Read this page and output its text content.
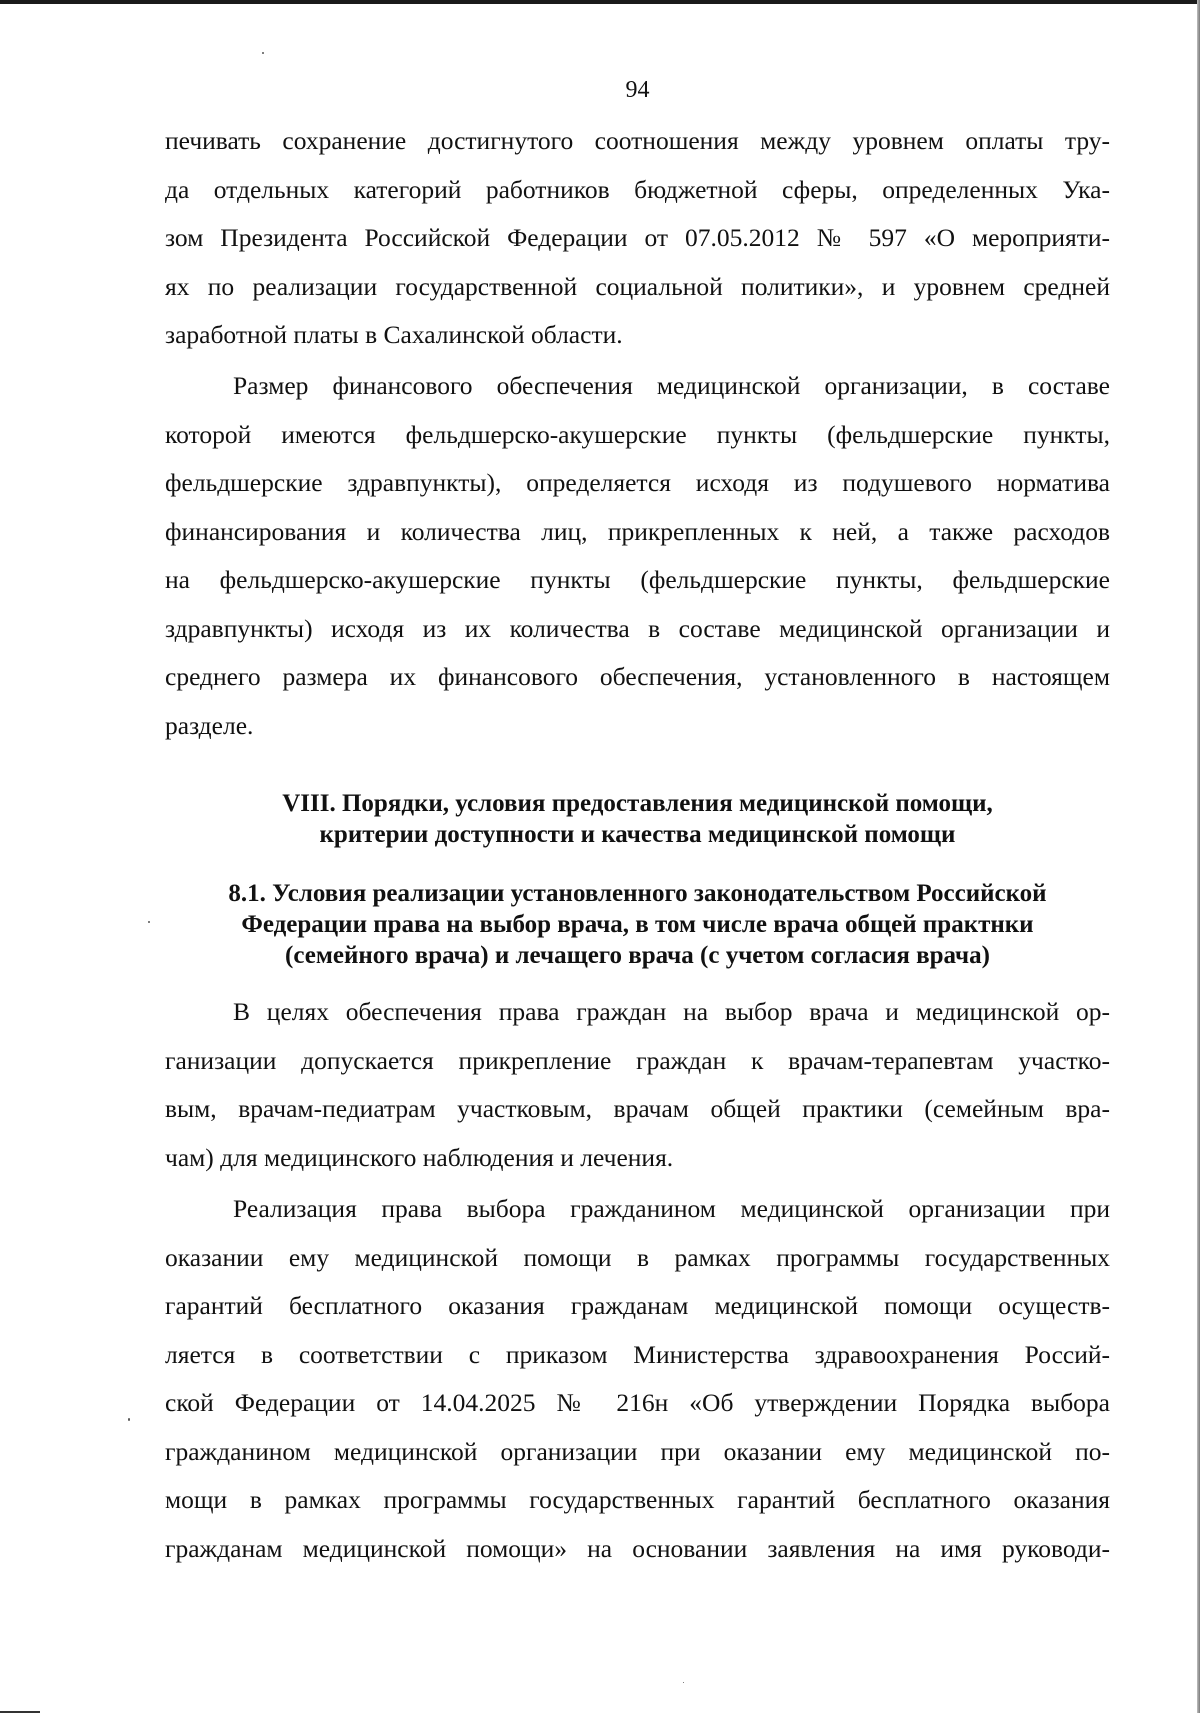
94

печивать сохранение достигнутого соотношения между уровнем оплаты тру-
да отдельных категорий работников бюджетной сферы, определенных Ука-
зом Президента Российской Федерации от 07.05.2012 № 597 «О мероприяти-
ях по реализации государственной социальной политики», и уровнем средней
заработной платы в Сахалинской области.

Размер финансового обеспечения медицинской организации, в составе
которой имеются фельдшерско-акушерские пункты (фельдшерские пункты,
фельдшерские здравпункты), определяется исходя из подушевого норматива
финансирования и количества лиц, прикрепленных к ней, а также расходов
на фельдшерско-акушерские пункты (фельдшерские пункты, фельдшерские
здравпункты) исходя из их количества в составе медицинской организации и
среднего размера их финансового обеспечения, установленного в настоящем
разделе.

VIII. Порядки, условия предоставления медицинской помощи,
критерии доступности и качества медицинской помощи
8.1. Условия реализации установленного законодательством Российской
Федерации права на выбор врача, в том числе врача общей практнки
(семейного врача) и лечащего врача (с учетом согласия врача)

В целях обеспечения права граждан на выбор врача и медицинской ор-
ганизации допускается прикрепление граждан к врачам-терапевтам участко-
вым, врачам-педиатрам участковым, врачам общей практики (семейным вра-
чам) для медицинского наблюдения и лечения.

Реализация права выбора гражданином медицинской организации при
оказании ему медицинской помощи в рамках программы государственных
гарантий бесплатного оказания гражданам медицинской помощи осуществ-
ляется в соответствии с приказом Министерства здравоохранения Россий-
ской Федерации от 14.04.2025 № 216н «Об утверждении Порядка выбора
гражданином медицинской организации при оказании ему медицинской по-
мощи в рамках программы государственных гарантий бесплатного оказания
гражданам медицинской помощи» на основании заявления на имя руководи-
